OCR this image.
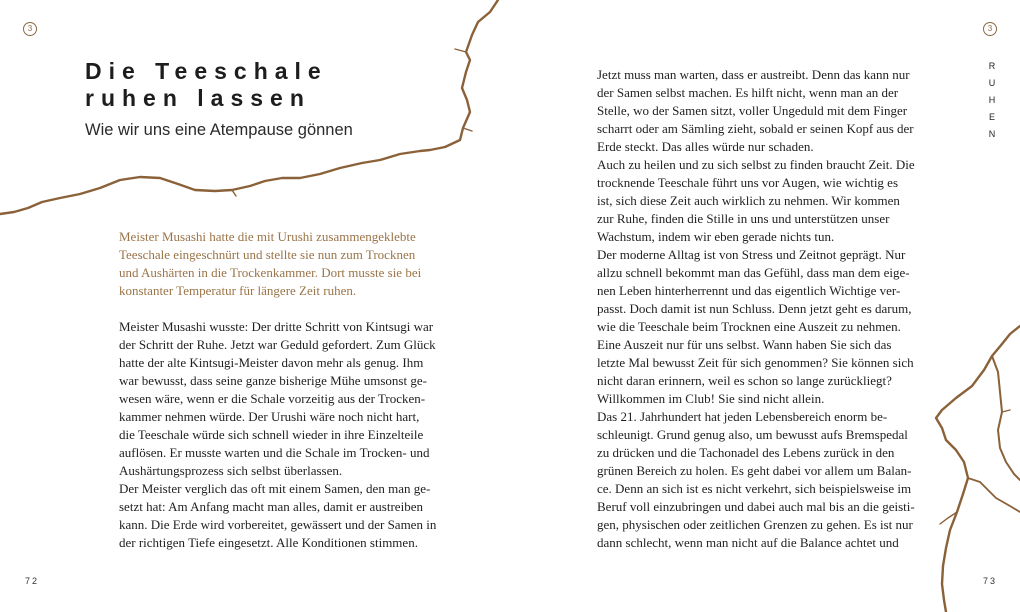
3
Die Teeschale ruhen lassen
Wie wir uns eine Atempause gönnen

Meister Musashi hatte die mit Urushi zusammengeklebte
Teeschale eingeschnürt und stellte sie nun zum Trocknen
und Aushärten in die Trockenkammer. Dort musste sie bei
konstanter Temperatur für längere Zeit ruhen.

Meister Musashi wusste: Der dritte Schritt von Kintsugi war
der Schritt der Ruhe. Jetzt war Geduld gefordert. Zum Glück
hatte der alte Kintsugi-Meister davon mehr als genug. Ihm
war bewusst, dass seine ganze bisherige Mühe umsonst ge-
wesen wäre, wenn er die Schale vorzeitig aus der Trocken-
kammer nehmen würde. Der Urushi wäre noch nicht hart,
die Teeschale würde sich schnell wieder in ihre Einzelteile
auflösen. Er musste warten und die Schale im Trocken- und
Aushärtungsprozess sich selbst überlassen.
Der Meister verglich das oft mit einem Samen, den man ge-
setzt hat: Am Anfang macht man alles, damit er austreiben
kann. Die Erde wird vorbereitet, gewässert und der Samen in
der richtigen Tiefe eingesetzt. Alle Konditionen stimmen.
72
3
R
U
H
E
N
Jetzt muss man warten, dass er austreibt. Denn das kann nur
der Samen selbst machen. Es hilft nicht, wenn man an der
Stelle, wo der Samen sitzt, voller Ungeduld mit dem Finger
scharrt oder am Sämling zieht, sobald er seinen Kopf aus der
Erde steckt. Das alles würde nur schaden.
Auch zu heilen und zu sich selbst zu finden braucht Zeit. Die
trocknende Teeschale führt uns vor Augen, wie wichtig es
ist, sich diese Zeit auch wirklich zu nehmen. Wir kommen
zur Ruhe, finden die Stille in uns und unterstützen unser
Wachstum, indem wir eben gerade nichts tun.
Der moderne Alltag ist von Stress und Zeitnot geprägt. Nur
allzu schnell bekommt man das Gefühl, dass man dem eige-
nen Leben hinterherrennt und das eigentlich Wichtige ver-
passt. Doch damit ist nun Schluss. Denn jetzt geht es darum,
wie die Teeschale beim Trocknen eine Auszeit zu nehmen.
Eine Auszeit nur für uns selbst. Wann haben Sie sich das
letzte Mal bewusst Zeit für sich genommen? Sie können sich
nicht daran erinnern, weil es schon so lange zurückliegt?
Willkommen im Club! Sie sind nicht allein.
Das 21. Jahrhundert hat jeden Lebensbereich enorm be-
schleunigt. Grund genug also, um bewusst aufs Bremspedal
zu drücken und die Tachonadel des Lebens zurück in den
grünen Bereich zu holen. Es geht dabei vor allem um Balan-
ce. Denn an sich ist es nicht verkehrt, sich beispielsweise im
Beruf voll einzubringen und dabei auch mal bis an die geisti-
gen, physischen oder zeitlichen Grenzen zu gehen. Es ist nur
dann schlecht, wenn man nicht auf die Balance achtet und
73
